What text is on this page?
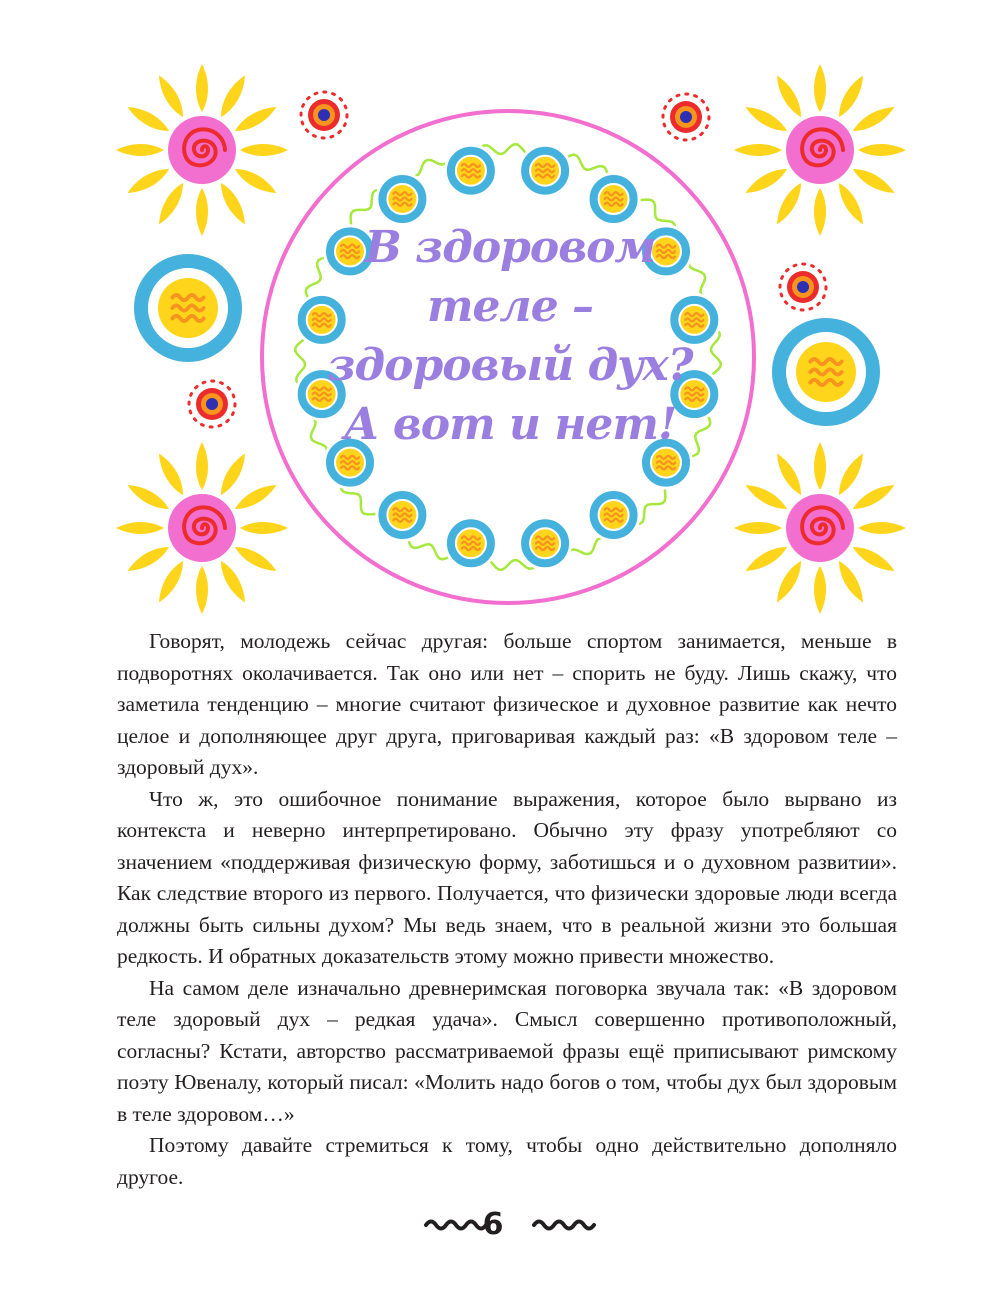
В здоровом
теле –
здоровый дух?
А вот и нет!

Говорят, молодежь сейчас другая: больше спортом занимается, меньше в подворотнях околачивается. Так оно или нет – спорить не буду. Лишь скажу, что заметила тенденцию – многие считают физическое и духовное развитие как нечто целое и дополняющее друг друга, приговаривая каждый раз: «В здоровом теле – здоровый дух».

Что ж, это ошибочное понимание выражения, которое было вырвано из контекста и неверно интерпретировано. Обычно эту фразу употребляют со значением «поддерживая физическую форму, заботишься и о духовном развитии». Как следствие второго из первого. Получается, что физически здоровые люди всегда должны быть сильны духом? Мы ведь знаем, что в реальной жизни это большая редкость. И обратных доказательств этому можно привести множество.

На самом деле изначально древнеримская поговорка звучала так: «В здоровом теле здоровый дух – редкая удача». Смысл совершенно противоположный, согласны? Кстати, авторство рассматриваемой фразы ещё приписывают римскому поэту Ювеналу, который писал: «Молить надо богов о том, чтобы дух был здоровым в теле здоровом…»

Поэтому давайте стремиться к тому, чтобы одно действительно дополняло другое.

6
